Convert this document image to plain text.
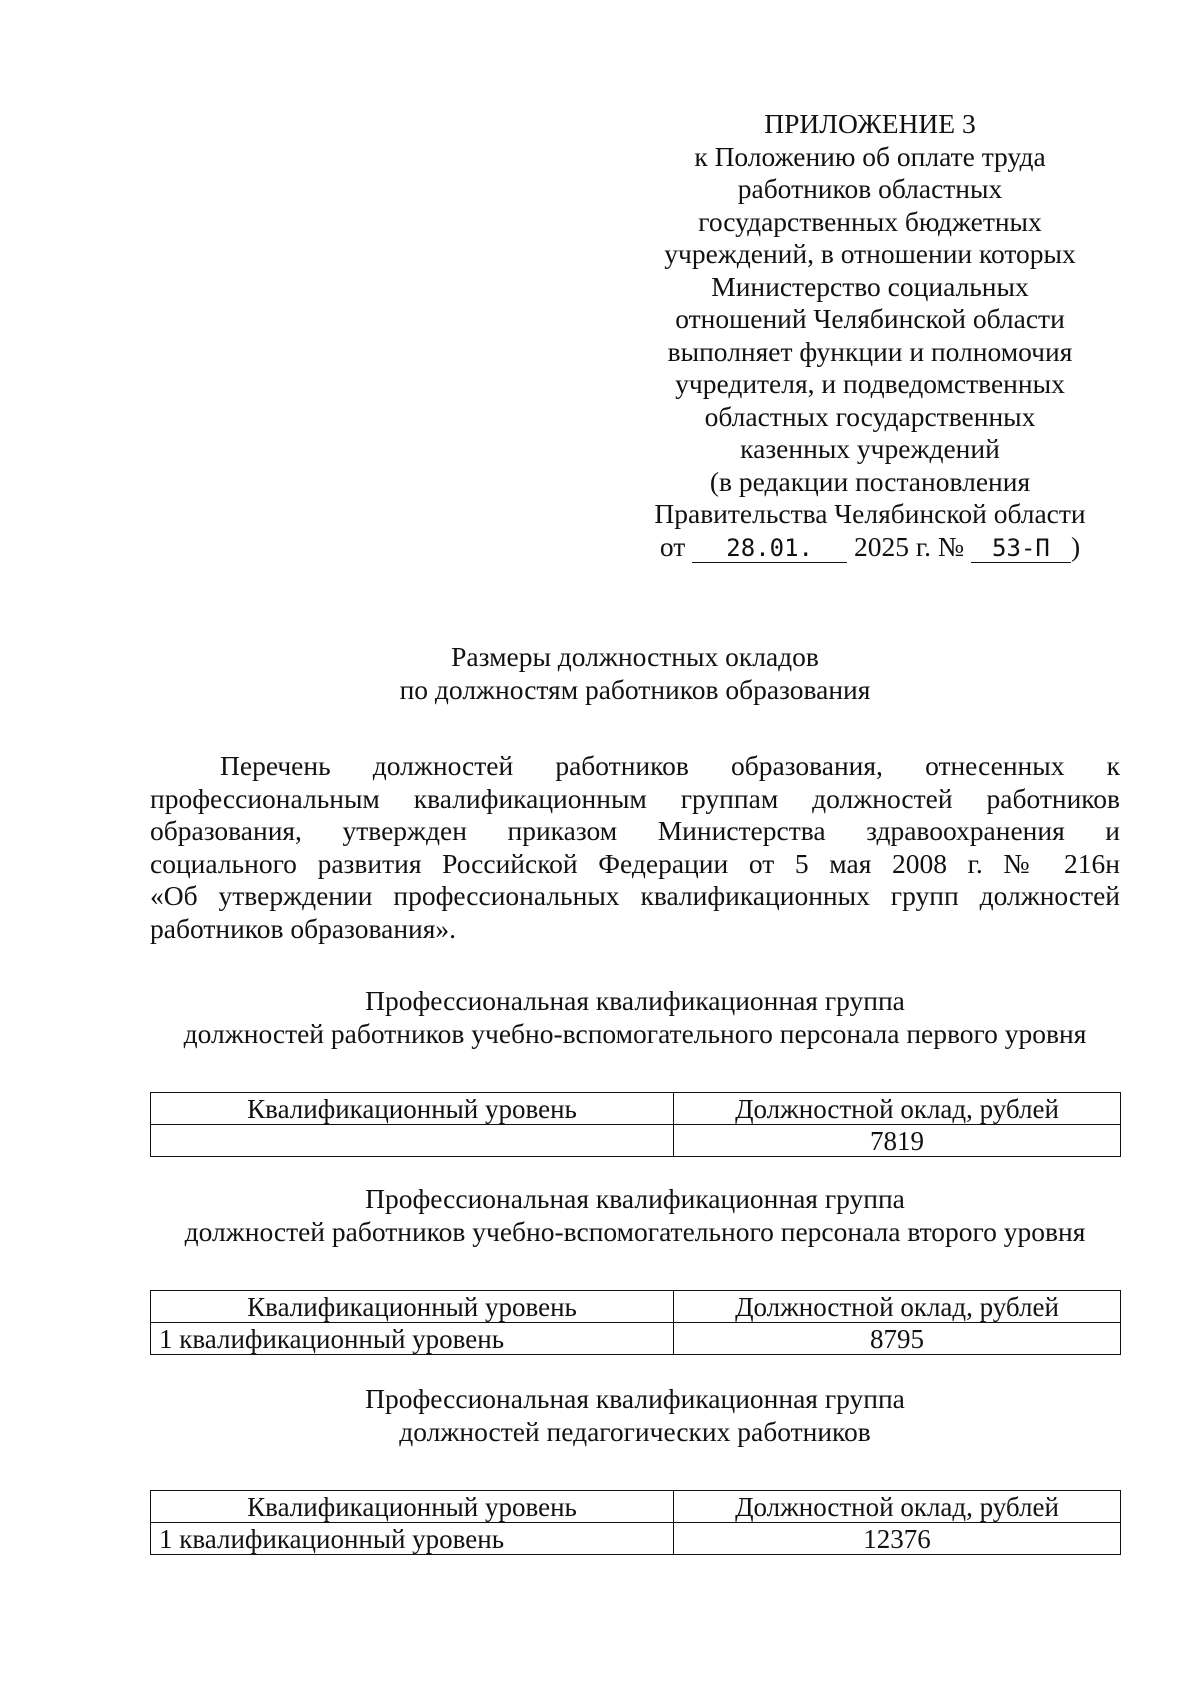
ПРИЛОЖЕНИЕ 3
к Положению об оплате труда
работников областных
государственных бюджетных
учреждений, в отношении которых
Министерство социальных
отношений Челябинской области
выполняет функции и полномочия
учредителя, и подведомственных
областных государственных
казенных учреждений
(в редакции постановления
Правительства Челябинской области
от 28.01. 2025 г. № 53-П )
Размеры должностных окладов
по должностям работников образования
Перечень должностей работников образования, отнесенных к
профессиональным квалификационным группам должностей работников
образования, утвержден приказом Министерства здравоохранения и
социального развития Российской Федерации от 5 мая 2008 г. № 216н
«Об утверждении профессиональных квалификационных групп должностей
работников образования».
Профессиональная квалификационная группа
должностей работников учебно-вспомогательного персонала первого уровня
Квалификационный уровень	Должностной оклад, рублей
	7819
Профессиональная квалификационная группа
должностей работников учебно-вспомогательного персонала второго уровня
Квалификационный уровень	Должностной оклад, рублей
1 квалификационный уровень	8795
Профессиональная квалификационная группа
должностей педагогических работников
Квалификационный уровень	Должностной оклад, рублей
1 квалификационный уровень	12376
